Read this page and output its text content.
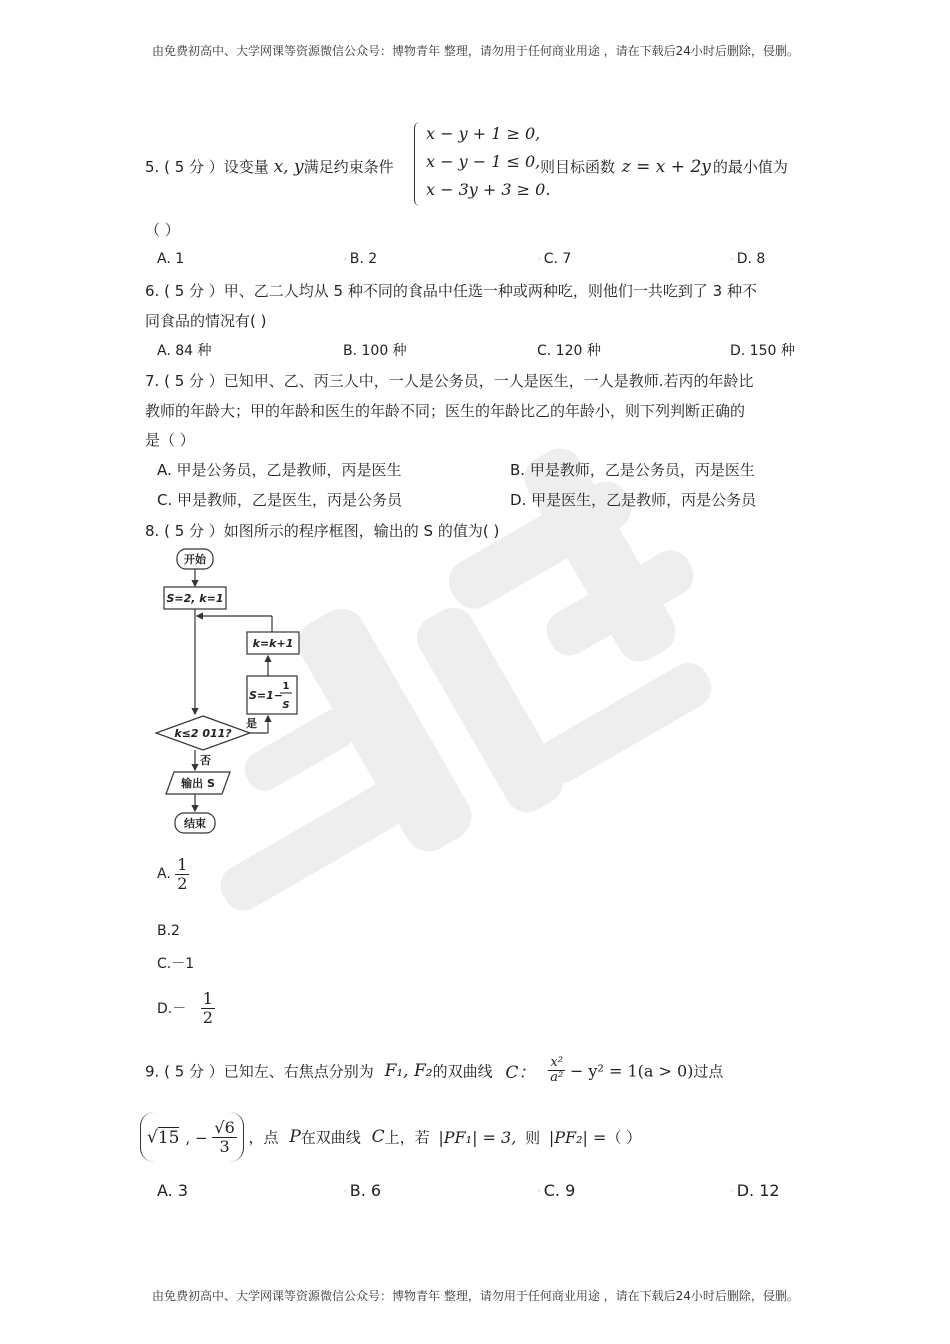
由免费初高中、大学网课等资源微信公众号：博物青年 整理，请勿用于任何商业用途 ，请在下载后24小时后删除，侵删。
5. ( 5 分 ）设变量 x, y满足约束条件
x − y + 1 ≥ 0,
x − y − 1 ≤ 0,
x − 3y + 3 ≥ 0.
则目标函数 z = x + 2y 的最小值为
（ ）
A. 1	◦ B. 2	◦ C. 7	◦ D. 8
6. ( 5 分 ）甲、乙二人均从 5 种不同的食品中任选一种或两种吃，则他们一共吃到了 3 种不
同食品的情况有( )
A. 84 种	B. 100 种	C. 120 种	D. 150 种
7. ( 5 分 ）已知甲、乙、丙三人中，一人是公务员，一人是医生，一人是教师.若丙的年龄比
教师的年龄大；甲的年龄和医生的年龄不同；医生的年龄比乙的年龄小，则下列判断正确的
是（ ）
A. 甲是公务员，乙是教师，丙是医生	B. 甲是教师，乙是公务员，丙是医生
C. 甲是教师，乙是医生，丙是公务员	D. 甲是医生，乙是教师，丙是公务员
8. ( 5 分 ）如图所示的程序框图，输出的 S 的值为( )
开始
S=2, k=1
k=k+1
S=1−
1
S
k≤2 011?
是
否
输出 S
结束
A. $\frac{1}{2}$
B.2
C.－1
$D.- \frac{1}{2}$
9. ( 5 分 ）已知左、右焦点分别为 F₁, F₂的双曲线 C： $\frac{\text{x²}}{\text{a²}} - y^2 = 1(a > 0)$过点
√15 , − $\frac{√6}{3}$ ，点 P在双曲线 C上，若 |PF₁| = 3, 则 |PF₂| =（ ）
A. 3	◦ B. 6	◦ C. 9	◦ D. 12
由免费初高中、大学网课等资源微信公众号：博物青年 整理，请勿用于任何商业用途 ，请在下载后24小时后删除，侵删。
